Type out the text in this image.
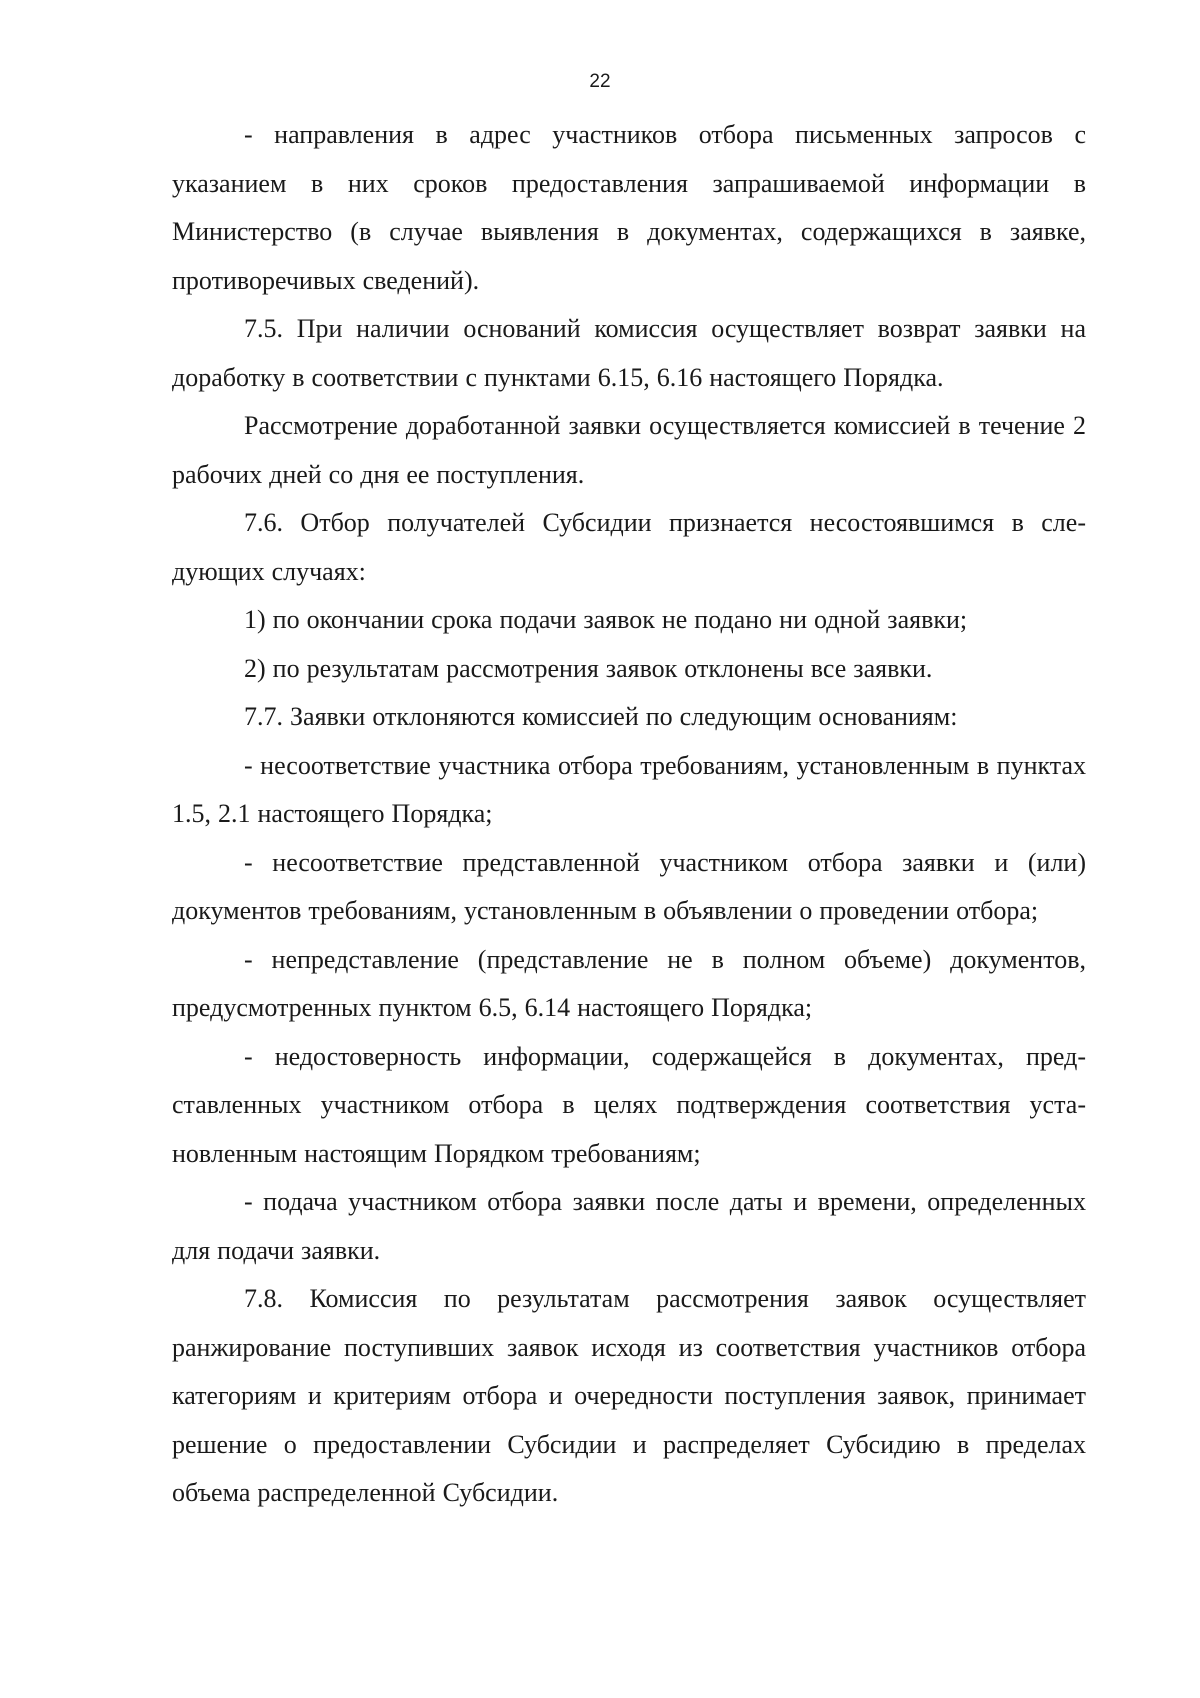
22

- направления в адрес участников отбора письменных запросов с указанием в них сроков предоставления запрашиваемой информации в Министерство (в случае выявления в документах, содержащихся в заявке, противоречивых сведений).

7.5. При наличии оснований комиссия осуществляет возврат заявки на доработку в соответствии с пунктами 6.15, 6.16 настоящего Порядка.

Рассмотрение доработанной заявки осуществляется комиссией в течение 2 рабочих дней со дня ее поступления.

7.6. Отбор получателей Субсидии признается несостоявшимся в следующих случаях:

1) по окончании срока подачи заявок не подано ни одной заявки;

2) по результатам рассмотрения заявок отклонены все заявки.

7.7. Заявки отклоняются комиссией по следующим основаниям:

- несоответствие участника отбора требованиям, установленным в пунктах 1.5, 2.1 настоящего Порядка;

- несоответствие представленной участником отбора заявки и (или) документов требованиям, установленным в объявлении о проведении отбора;

- непредставление (представление не в полном объеме) документов, предусмотренных пунктом 6.5, 6.14 настоящего Порядка;

- недостоверность информации, содержащейся в документах, представленных участником отбора в целях подтверждения соответствия установленным настоящим Порядком требованиям;

- подача участником отбора заявки после даты и времени, определенных для подачи заявки.

7.8. Комиссия по результатам рассмотрения заявок осуществляет ранжирование поступивших заявок исходя из соответствия участников отбора категориям и критериям отбора и очередности поступления заявок, принимает решение о предоставлении Субсидии и распределяет Субсидию в пределах объема распределенной Субсидии.
